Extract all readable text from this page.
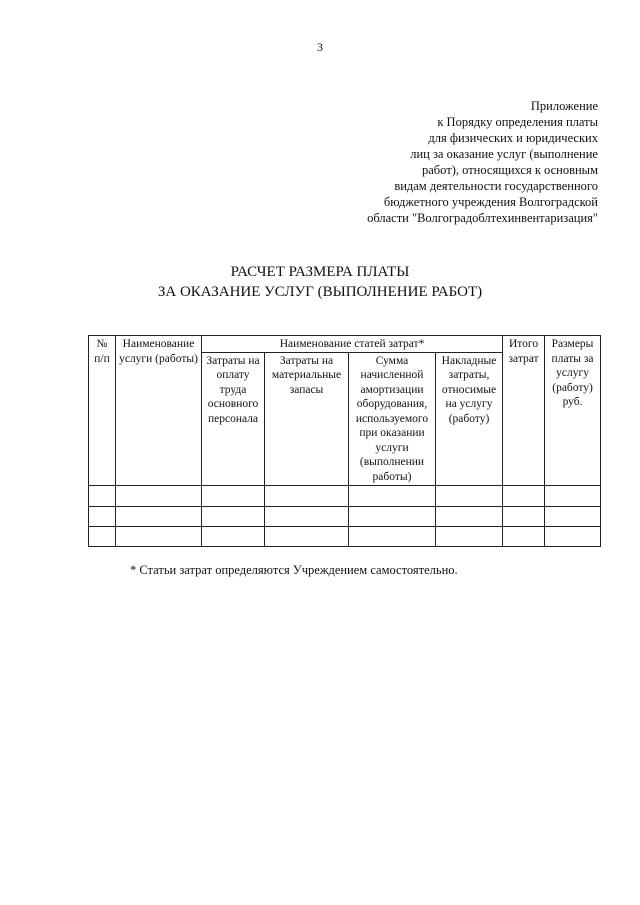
3
Приложение
к Порядку определения платы
для физических и юридических
лиц за оказание услуг (выполнение
работ), относящихся к основным
видам деятельности государственного
бюджетного учреждения Волгоградской
области "Волгоградоблтехинвентаризация"
РАСЧЕТ РАЗМЕРА ПЛАТЫ
ЗА ОКАЗАНИЕ УСЛУГ (ВЫПОЛНЕНИЕ РАБОТ)
№ п/п	Наименование услуги (работы)	Наименование статей затрат*				Итого затрат	Размеры платы за услугу (работу) руб.
		Затраты на оплату труда основного персонала	Затраты на материальные запасы	Сумма начисленной амортизации оборудования, используемого при оказании услуги (выполнении работы)	Накладные затраты, относимые на услугу (работу)		

* Статьи затрат определяются Учреждением самостоятельно.
